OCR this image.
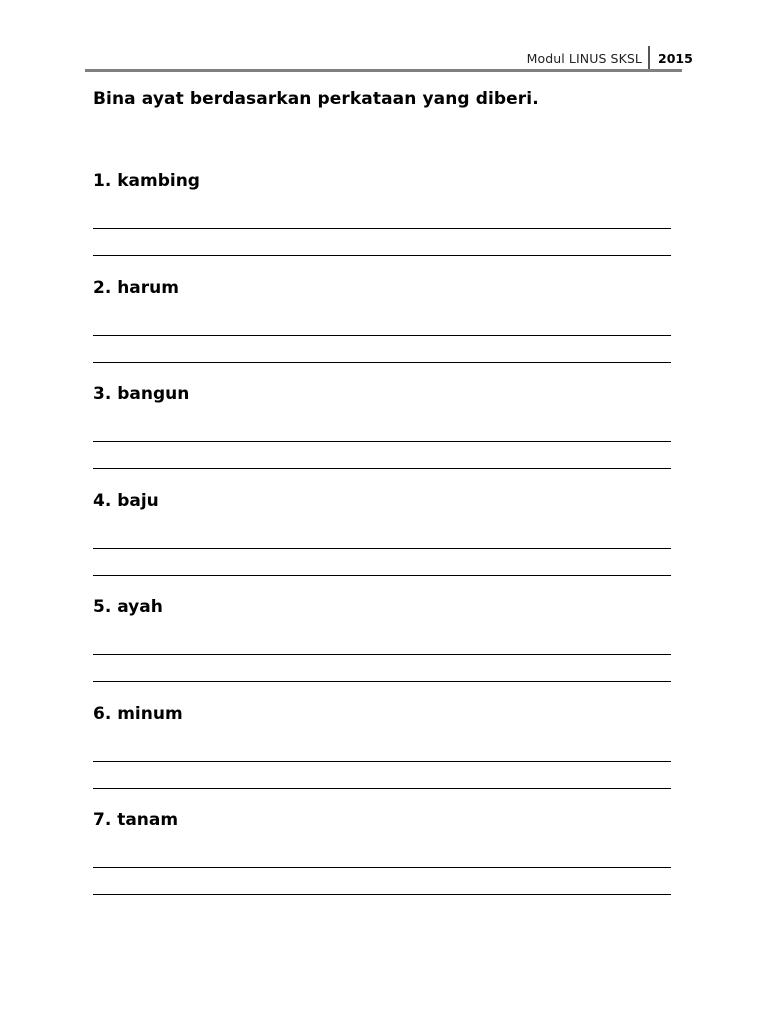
Modul LINUS SKSL	2015
Bina ayat berdasarkan perkataan yang diberi.
1. kambing
2. harum
3. bangun
4. baju
5. ayah
6. minum
7. tanam
